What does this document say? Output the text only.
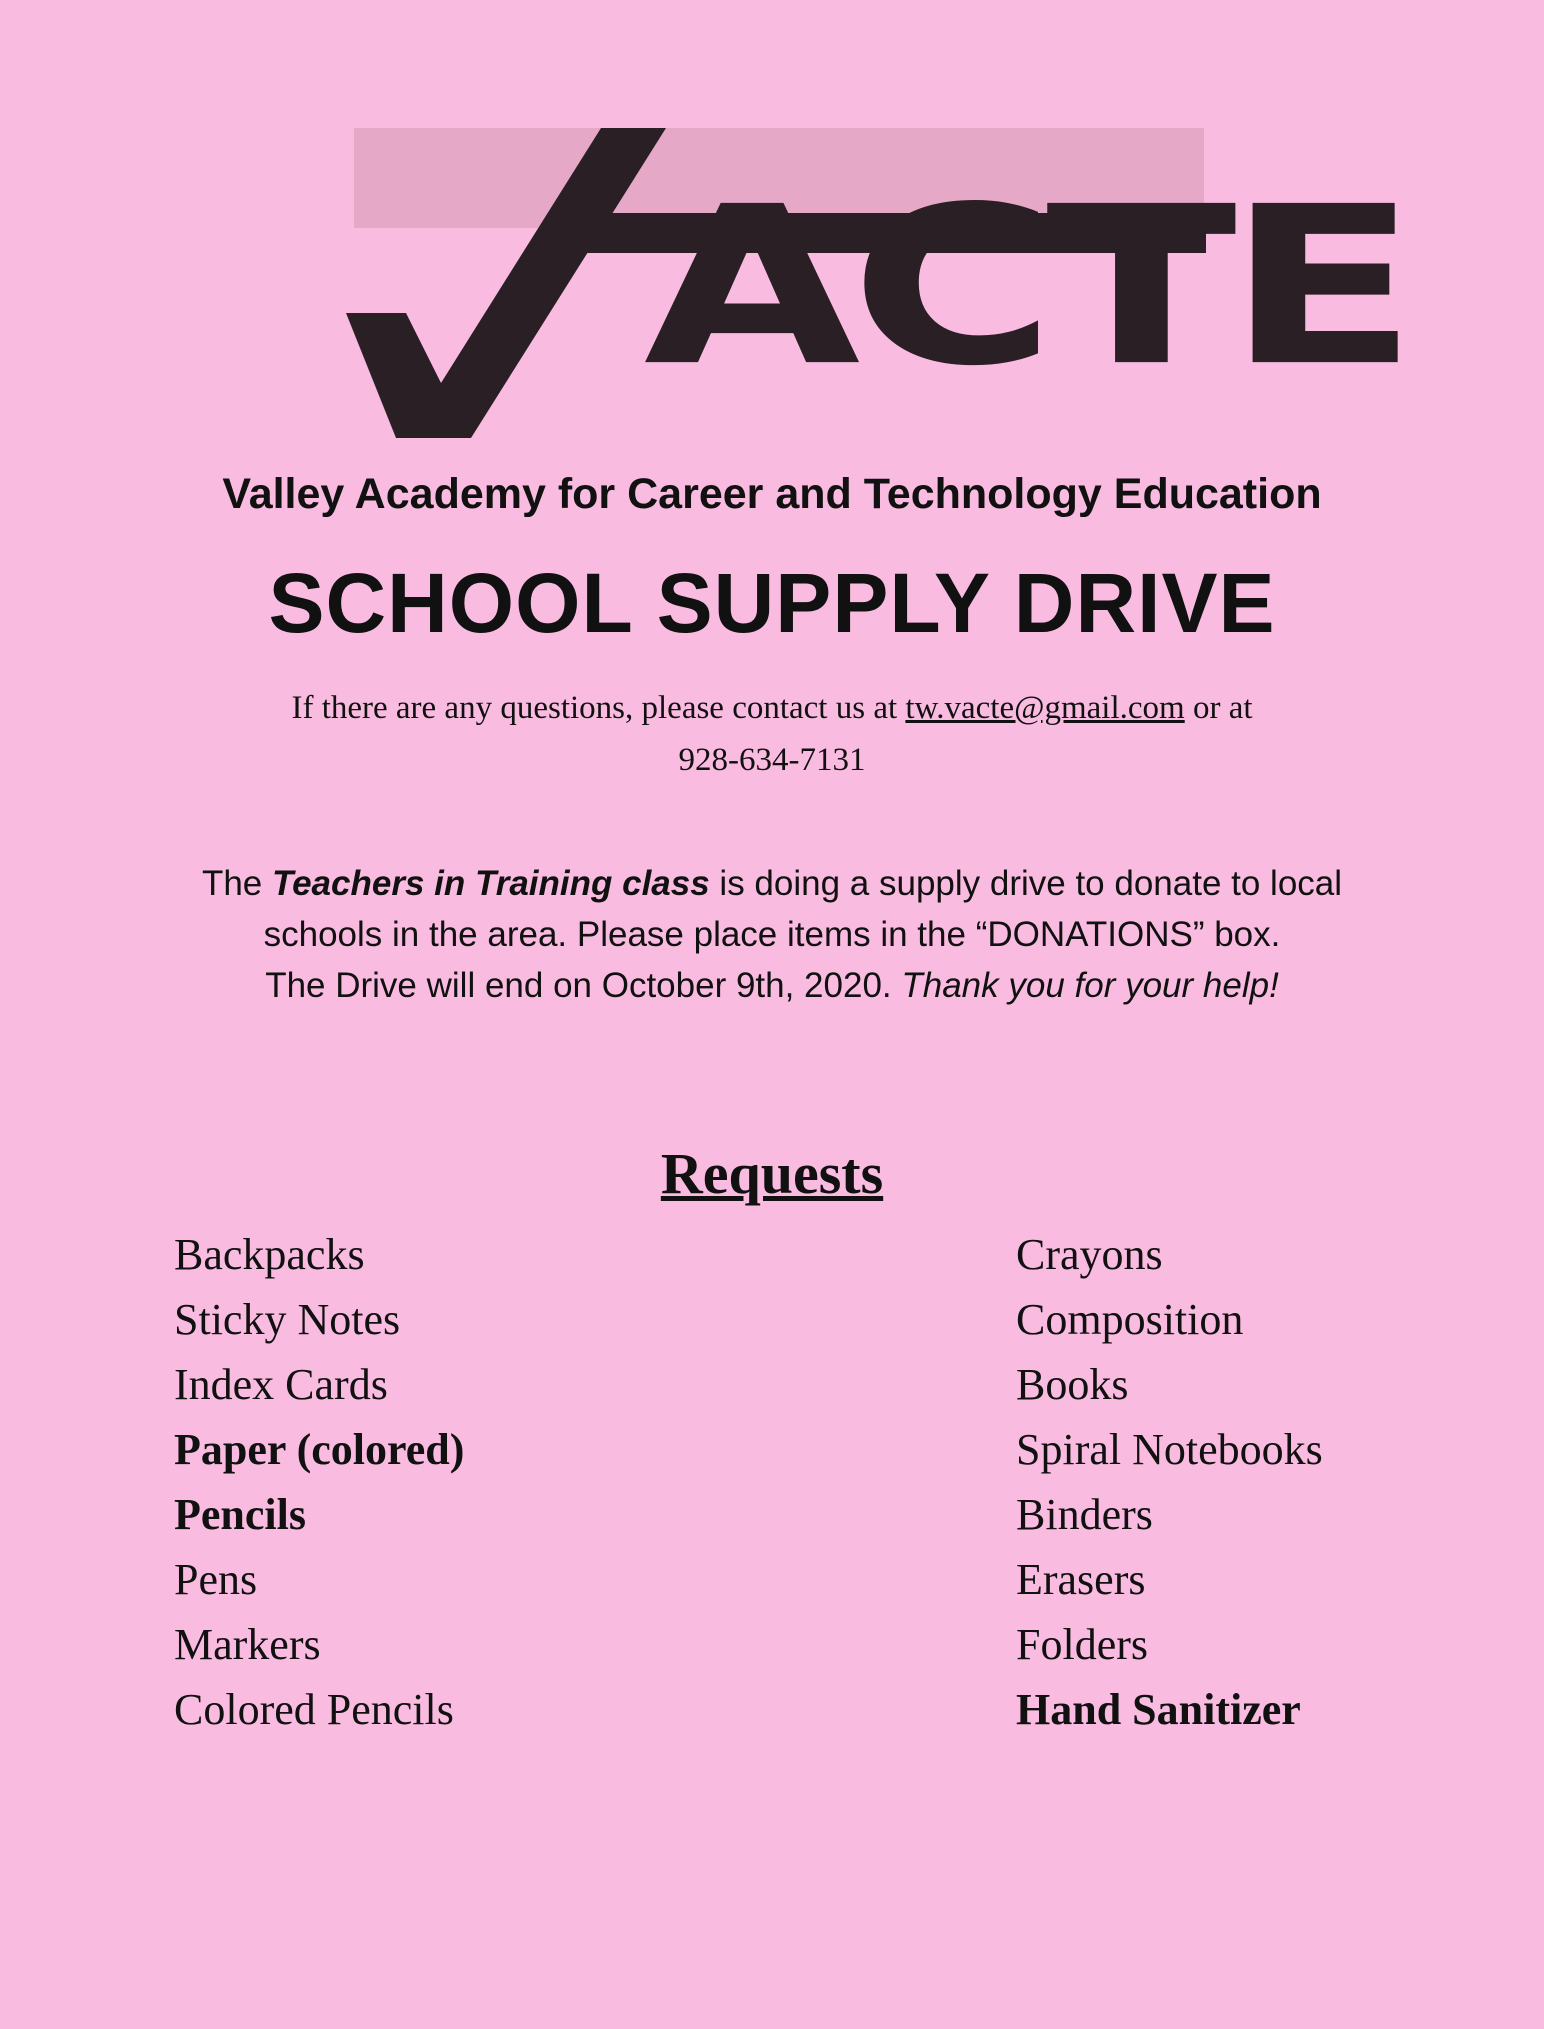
ACTE
Valley Academy for Career and Technology Education
SCHOOL SUPPLY DRIVE
If there are any questions, please contact us at tw.vacte@gmail.com or at
928-634-7131
The Teachers in Training class is doing a supply drive to donate to local
schools in the area. Please place items in the “DONATIONS” box.
The Drive will end on October 9th, 2020. Thank you for your help!
Requests
Backpacks
Sticky Notes
Index Cards
Paper (colored)
Pencils
Pens
Markers
Colored Pencils
Crayons
Composition
Books
Spiral Notebooks
Binders
Erasers
Folders
Hand Sanitizer
